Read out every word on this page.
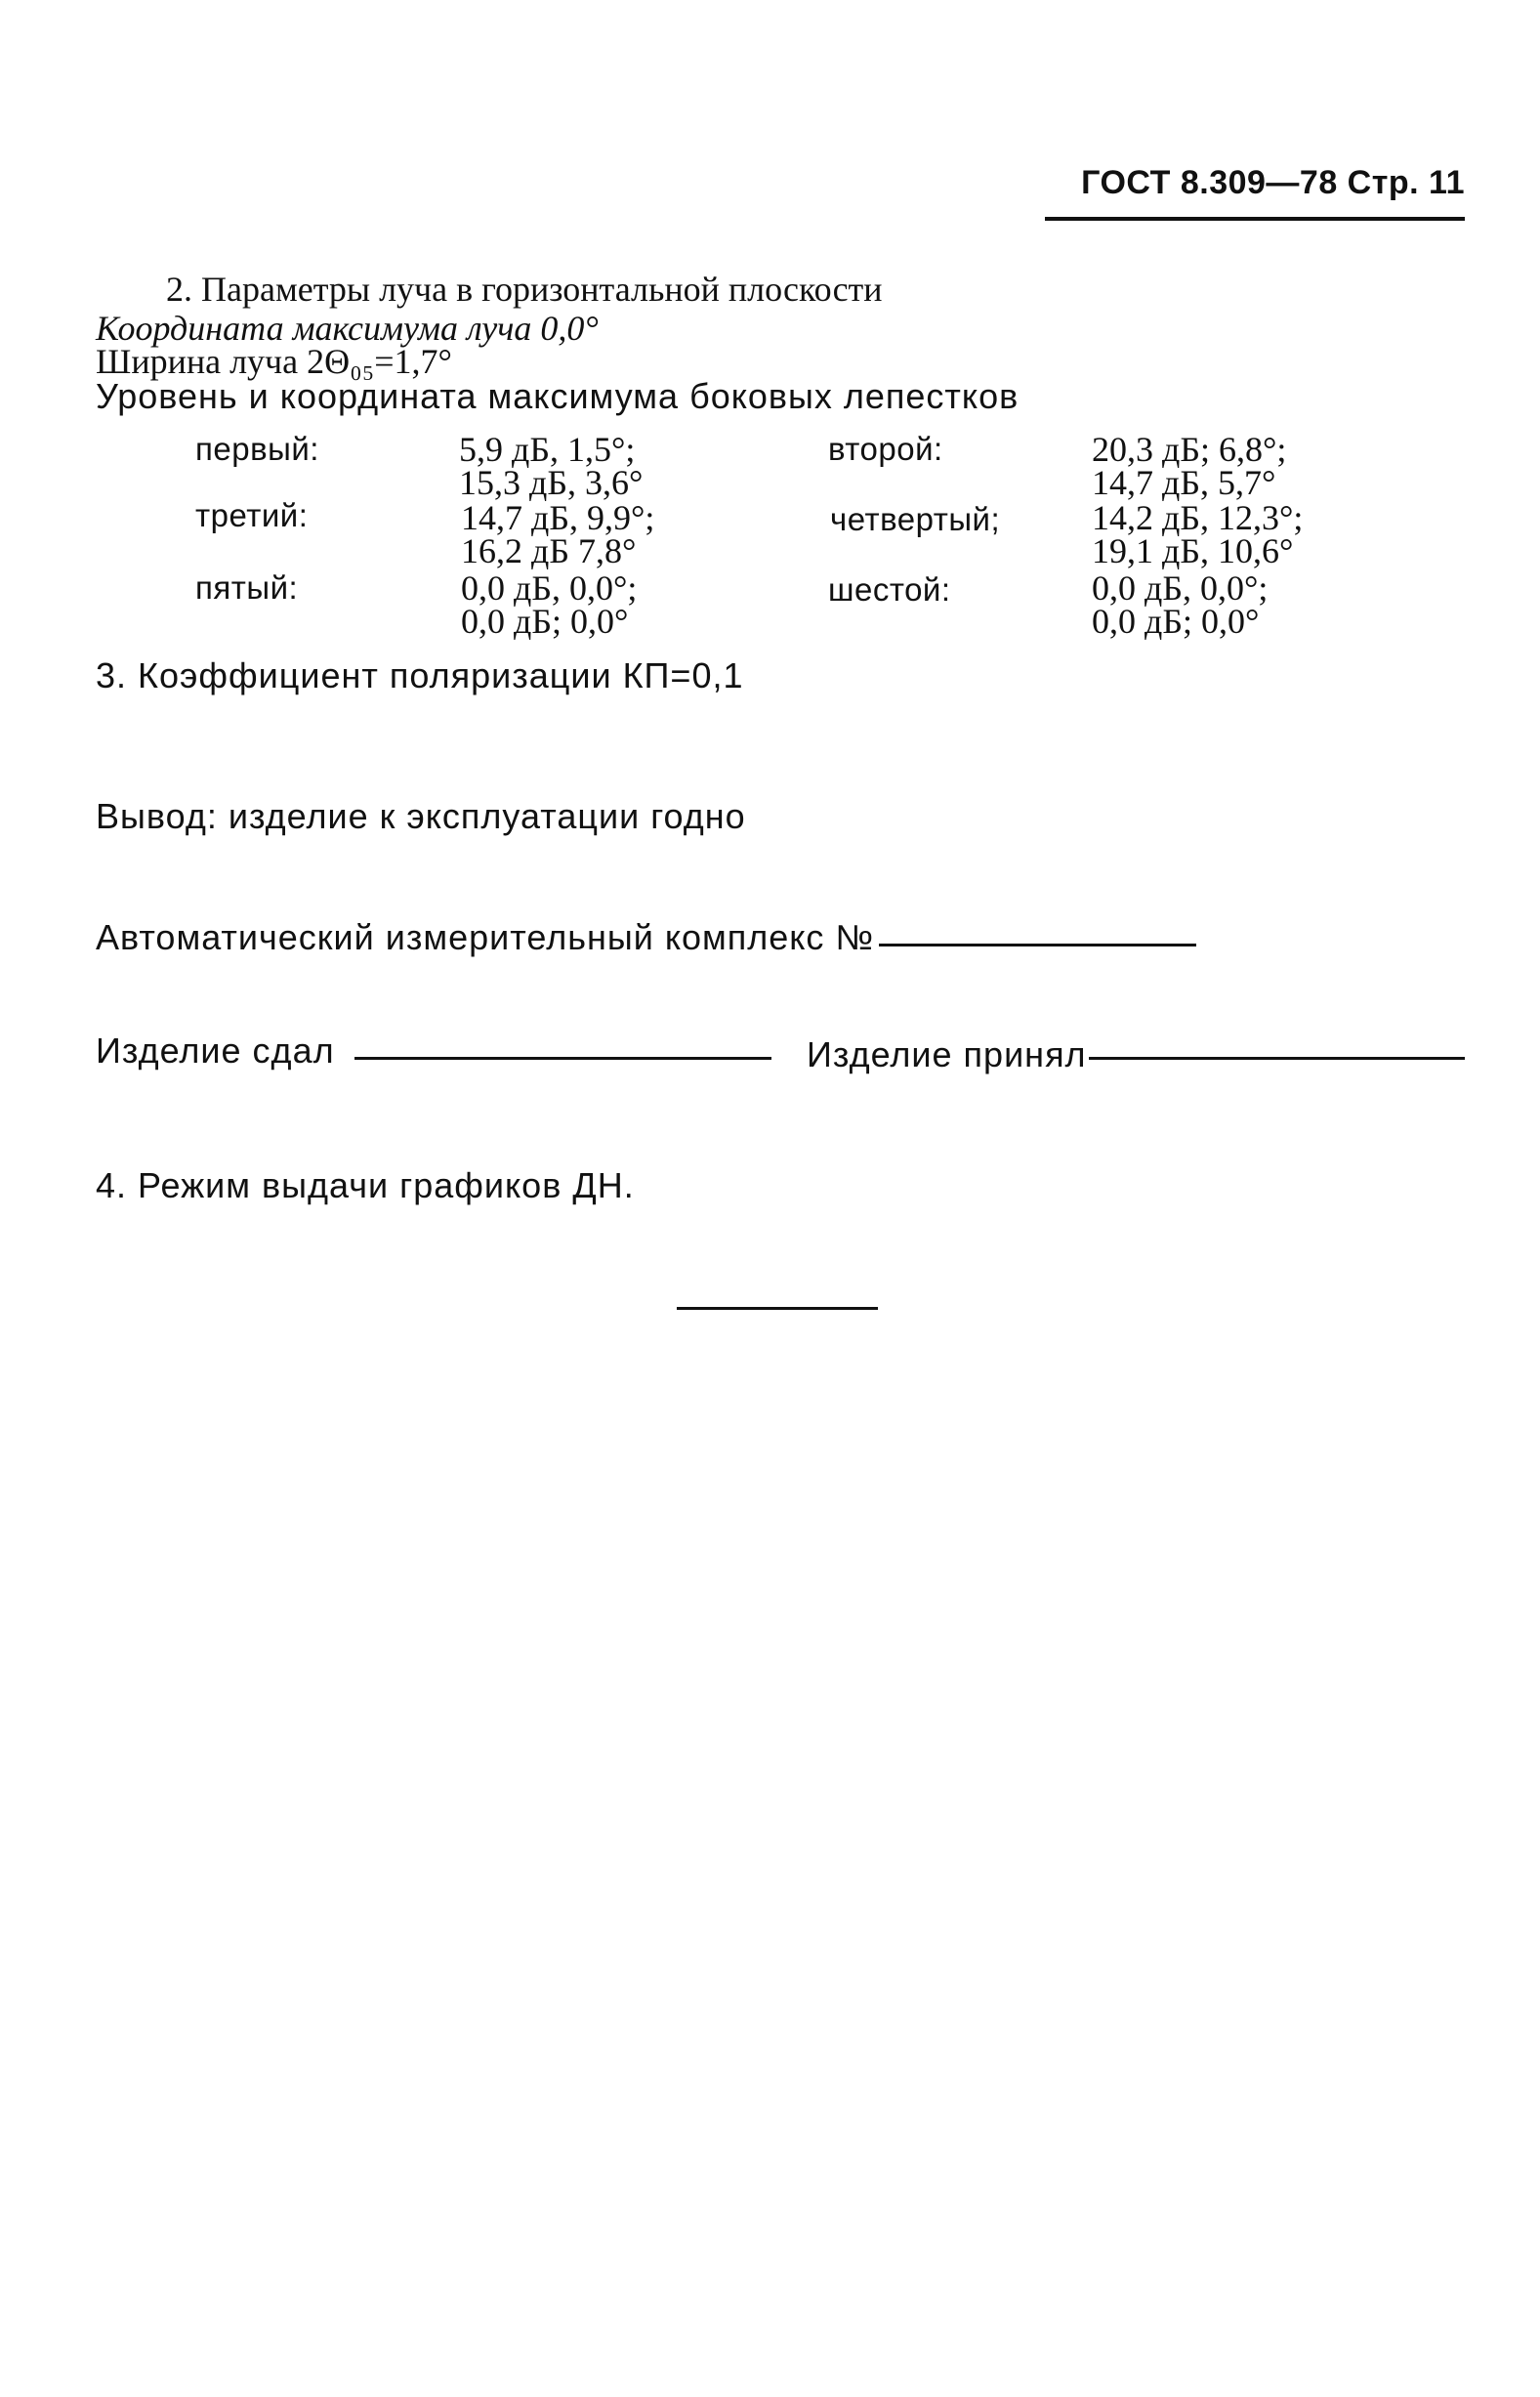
ГОСТ 8.309—78 Стр. 11
2. Параметры луча в горизонтальной плоскости
Координата максимума луча 0,0°
Ширина луча 2Θ₀₅=1,7°
Уровень и координата максимума боковых лепестков
первый:	5,9 дБ, 1,5°;
15,3 дБ, 3,6°
второй:	20,3 дБ; 6,8°;
14,7 дБ, 5,7°
третий:	14,7 дБ, 9,9°;
16,2 дБ 7,8°
четвертый;	14,2 дБ, 12,3°;
19,1 дБ, 10,6°
пятый:	0,0 дБ, 0,0°;
0,0 дБ; 0,0°
шестой:	0,0 дБ, 0,0°;
0,0 дБ; 0,0°
3. Коэффициент поляризации КП=0,1
Вывод: изделие к эксплуатации годно
Автоматический измерительный комплекс №
Изделие сдал	Изделие принял
4. Режим выдачи графиков ДН.
